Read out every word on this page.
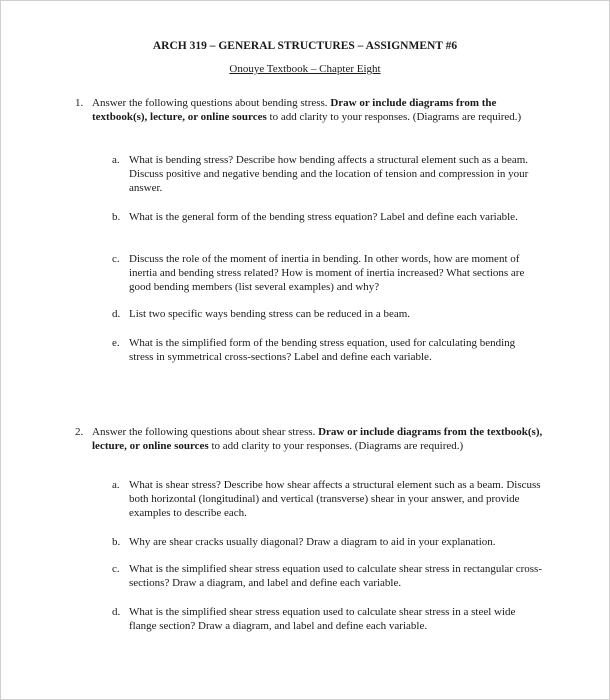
ARCH 319 – GENERAL STRUCTURES – ASSIGNMENT #6
Onouye Textbook – Chapter Eight
1. Answer the following questions about bending stress. Draw or include diagrams from the textbook(s), lecture, or online sources to add clarity to your responses. (Diagrams are required.)
a. What is bending stress? Describe how bending affects a structural element such as a beam. Discuss positive and negative bending and the location of tension and compression in your answer.
b. What is the general form of the bending stress equation? Label and define each variable.
c. Discuss the role of the moment of inertia in bending. In other words, how are moment of inertia and bending stress related? How is moment of inertia increased? What sections are good bending members (list several examples) and why?
d. List two specific ways bending stress can be reduced in a beam.
e. What is the simplified form of the bending stress equation, used for calculating bending stress in symmetrical cross-sections? Label and define each variable.
2. Answer the following questions about shear stress. Draw or include diagrams from the textbook(s), lecture, or online sources to add clarity to your responses. (Diagrams are required.)
a. What is shear stress? Describe how shear affects a structural element such as a beam. Discuss both horizontal (longitudinal) and vertical (transverse) shear in your answer, and provide examples to describe each.
b. Why are shear cracks usually diagonal? Draw a diagram to aid in your explanation.
c. What is the simplified shear stress equation used to calculate shear stress in rectangular cross-sections? Draw a diagram, and label and define each variable.
d. What is the simplified shear stress equation used to calculate shear stress in a steel wide flange section? Draw a diagram, and label and define each variable.
